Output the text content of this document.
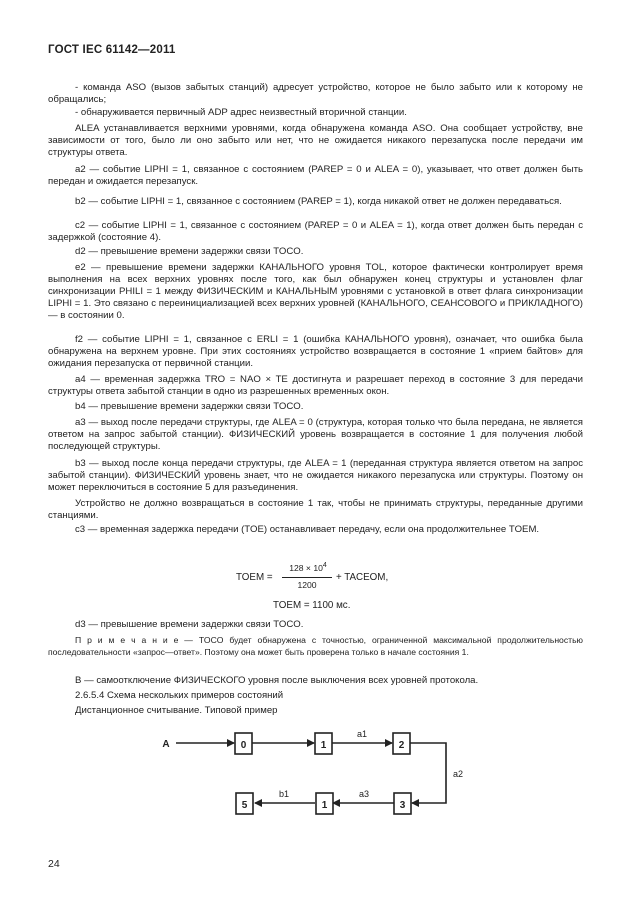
ГОСТ IEC 61142—2011
- команда ASO (вызов забытых станций) адресует устройство, которое не было забыто или к которому не обращались;
- обнаруживается первичный ADP адрес неизвестный вторичной станции.
ALEA устанавливается верхними уровнями, когда обнаружена команда ASO. Она сообщает устройству, вне зависимости от того, было ли оно забыто или нет, что не ожидается никакого перезапуска после передачи им структуры ответа.
a2 — событие LIPHI = 1, связанное с состоянием (PAREP = 0 и ALEA = 0), указывает, что ответ должен быть передан и ожидается перезапуск.
b2 — событие LIPHI = 1, связанное с состоянием (PAREP = 1), когда никакой ответ не должен передаваться.
c2 — событие LIPHI = 1, связанное с состоянием (PAREP = 0 и ALEA = 1), когда ответ должен быть передан с задержкой (состояние 4).
d2 — превышение времени задержки связи TOCO.
e2 — превышение времени задержки КАНАЛЬНОГО уровня TOL, которое фактически контролирует время выполнения на всех верхних уровнях после того, как был обнаружен конец структуры и установлен флаг синхронизации PHILI = 1 между ФИЗИЧЕСКИМ и КАНАЛЬНЫМ уровнями с установкой в ответ флага синхронизации LIPHI = 1. Это связано с переинициализацией всех верхних уровней (КАНАЛЬНОГО, СЕАНСОВОГО и ПРИКЛАДНОГО) — в состоянии 0.
f2 — событие LIPHI = 1, связанное с ERLI = 1 (ошибка КАНАЛЬНОГО уровня), означает, что ошибка была обнаружена на верхнем уровне. При этих состояниях устройство возвращается в состояние 1 «прием байтов» для ожидания перезапуска от первичной станции.
a4 — временная задержка TRO = NAO × TE достигнута и разрешает переход в состояние 3 для передачи структуры ответа забытой станции в одно из разрешенных временных окон.
b4 — превышение времени задержки связи TOCO.
a3 — выход после передачи структуры, где ALEA = 0 (структура, которая только что была передана, не является ответом на запрос забытой станции). ФИЗИЧЕСКИЙ уровень возвращается в состояние 1 для получения любой последующей структуры.
b3 — выход после конца передачи структуры, где ALEA = 1 (переданная структура является ответом на запрос забытой станции). ФИЗИЧЕСКИЙ уровень знает, что не ожидается никакого перезапуска или структуры. Поэтому он может переключиться в состояние 5 для разъединения.
Устройство не должно возвращаться в состояние 1 так, чтобы не принимать структуры, переданные другими станциями.
c3 — временная задержка передачи (TOE) останавливает передачу, если она продолжительнее TOEM.
TOEM =
$128 \times 10^4$
1200
+ TACEOM,
TOEM = 1100 мс.
d3 — превышение времени задержки связи TOCO.
П р и м е ч а н и е — TOCO будет обнаружена с точностью, ограниченной максимальной продолжительностью последовательности «запрос—ответ». Поэтому она может быть проверена только в начале состояния 1.
B — самоотключение ФИЗИЧЕСКОГО уровня после выключения всех уровней протокола.
2.6.5.4 Схема нескольких примеров состояний
Дистанционное считывание. Типовой пример
A	0	1	2
3
1
5
a1
a2
a3
b1
24
